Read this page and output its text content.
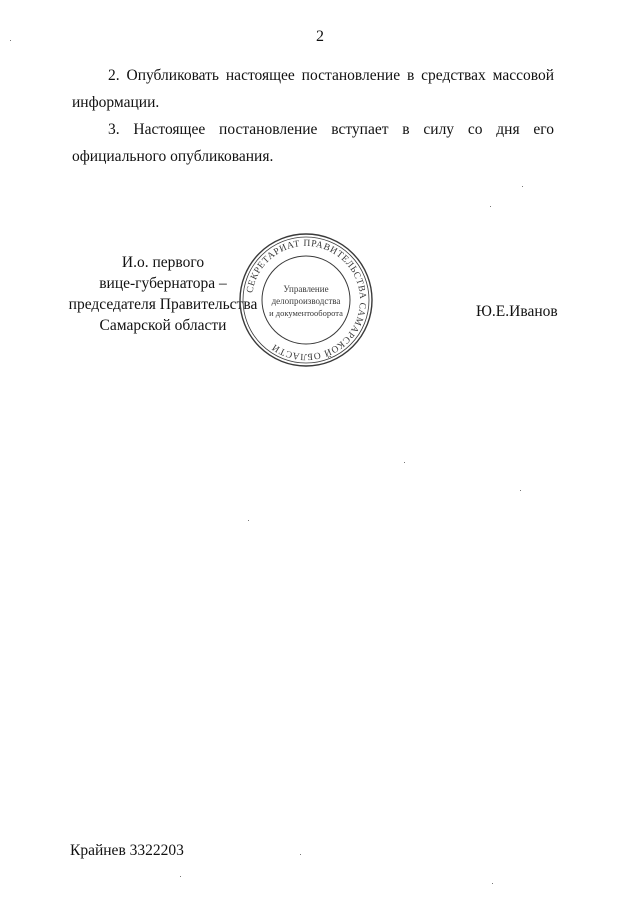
2
2. Опубликовать настоящее постановление в средствах массовой
информации.
3. Настоящее постановление вступает в силу со дня его
официального опубликования.
И.о. первого
вице-губернатора –
председателя Правительства
Самарской области
СЕКРЕТАРИАТ ПРАВИТЕЛЬСТВА САМАРСКОЙ ОБЛАСТИ
Управление
делопроизводства
и документооборота	Ю.Е.Иванов
Крайнев 3322203
